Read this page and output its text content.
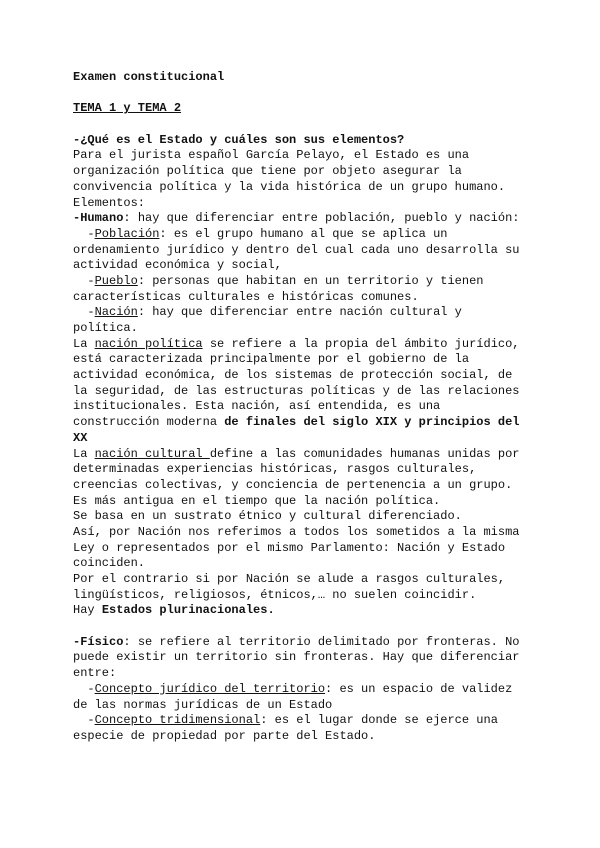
Examen constitucional
TEMA 1 y TEMA 2
-¿Qué es el Estado y cuáles son sus elementos?
Para el jurista español García Pelayo, el Estado es una
organización política que tiene por objeto asegurar la
convivencia política y la vida histórica de un grupo humano.
Elementos:
-Humano: hay que diferenciar entre población, pueblo y nación:
-Población: es el grupo humano al que se aplica un
ordenamiento jurídico y dentro del cual cada uno desarrolla su
actividad económica y social,
-Pueblo: personas que habitan en un territorio y tienen
características culturales e históricas comunes.
-Nación: hay que diferenciar entre nación cultural y
política.
La nación política se refiere a la propia del ámbito jurídico,
está caracterizada principalmente por el gobierno de la
actividad económica, de los sistemas de protección social, de
la seguridad, de las estructuras políticas y de las relaciones
institucionales. Esta nación, así entendida, es una
construcción moderna de finales del siglo XIX y principios del
XX
La nación cultural define a las comunidades humanas unidas por
determinadas experiencias históricas, rasgos culturales,
creencias colectivas, y conciencia de pertenencia a un grupo.
Es más antigua en el tiempo que la nación política.
Se basa en un sustrato étnico y cultural diferenciado.
Así, por Nación nos referimos a todos los sometidos a la misma
Ley o representados por el mismo Parlamento: Nación y Estado
coinciden.
Por el contrario si por Nación se alude a rasgos culturales,
lingüísticos, religiosos, étnicos,… no suelen coincidir.
Hay Estados plurinacionales.
-Físico: se refiere al territorio delimitado por fronteras. No
puede existir un territorio sin fronteras. Hay que diferenciar
entre:
-Concepto jurídico del territorio: es un espacio de validez
de las normas jurídicas de un Estado
-Concepto tridimensional: es el lugar donde se ejerce una
especie de propiedad por parte del Estado.
